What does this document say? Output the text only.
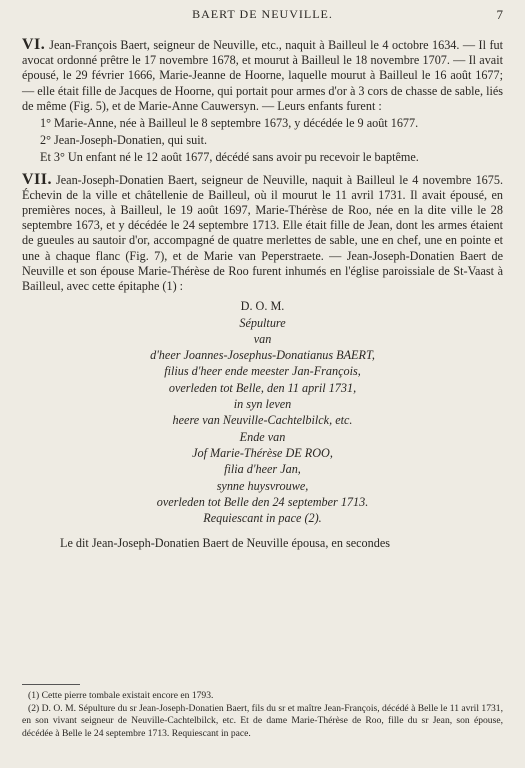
BAERT DE NEUVILLE.	7

VI. Jean-François Baert, seigneur de Neuville, etc., naquit à Bailleul le 4 octobre 1634. — Il fut avocat ordonné prêtre le 17 novembre 1678, et mourut à Bailleul le 18 novembre 1707. — Il avait épousé, le 29 février 1666, Marie-Jeanne de Hoorne, laquelle mourut à Bailleul le 16 août 1677; — elle était fille de Jacques de Hoorne, qui portait pour armes d'or à 3 cors de chasse de sable, liés de même (Fig. 5), et de Marie-Anne Cauwersyn. — Leurs enfants furent :

1° Marie-Anne, née à Bailleul le 8 septembre 1673, y décédée le 9 août 1677.

2° Jean-Joseph-Donatien, qui suit.

Et 3° Un enfant né le 12 août 1677, décédé sans avoir pu recevoir le baptême.

VII. Jean-Joseph-Donatien Baert, seigneur de Neuville, naquit à Bailleul le 4 novembre 1675. Échevin de la ville et châtellenie de Bailleul, où il mourut le 11 avril 1731. Il avait épousé, en premières noces, à Bailleul, le 19 août 1697, Marie-Thérèse de Roo, née en la dite ville le 28 septembre 1673, et y décédée le 24 septembre 1713. Elle était fille de Jean, dont les armes étaient de gueules au sautoir d'or, accompagné de quatre merlettes de sable, une en chef, une en pointe et une à chaque flanc (Fig. 7), et de Marie van Peperstraete. — Jean-Joseph-Donatien Baert de Neuville et son épouse Marie-Thérèse de Roo furent inhumés en l'église paroissiale de St-Vaast à Bailleul, avec cette épitaphe (1) :

D. O. M.
Sépulture
van
d'heer Joannes-Josephus-Donatianus BAERT,
filius d'heer ende meester Jan-François,
overleden tot Belle, den 11 april 1731,
in syn leven
heere van Neuville-Cachtelbilck, etc.
Ende van
Jof Marie-Thérèse DE ROO,
filia d'heer Jan,
synne huysvrouwe,
overleden tot Belle den 24 september 1713.
Requiescant in pace (2).

Le dit Jean-Joseph-Donatien Baert de Neuville épousa, en secondes

(1) Cette pierre tombale existait encore en 1793.

(2) D. O. M. Sépulture du sr Jean-Joseph-Donatien Baert, fils du sr et maître Jean-François, décédé à Belle le 11 avril 1731, en son vivant seigneur de Neuville-Cachtelbilck, etc. Et de dame Marie-Thérèse de Roo, fille du sr Jean, son épouse, décédée à Belle le 24 septembre 1713. Requiescant in pace.
